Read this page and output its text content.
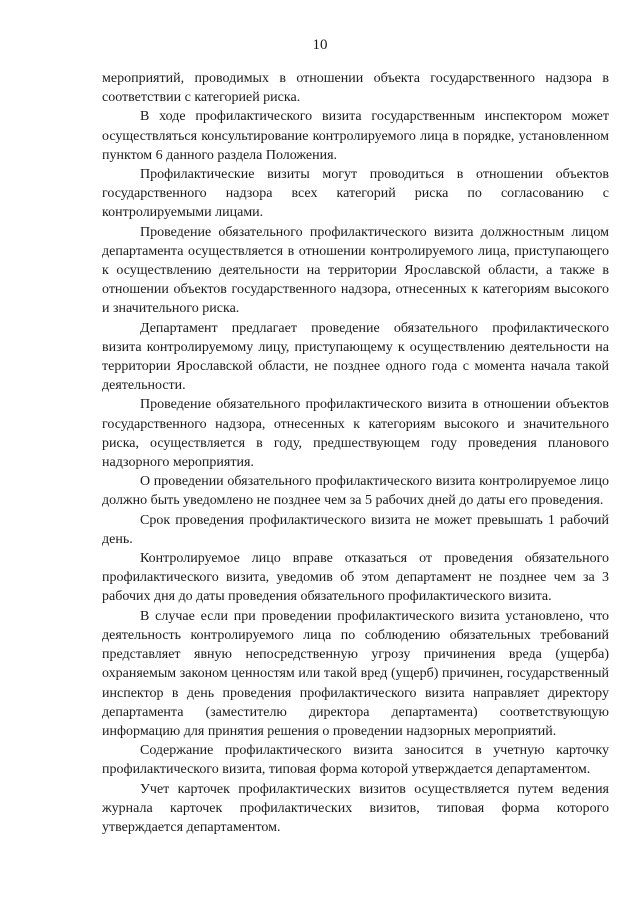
10

мероприятий, проводимых в отношении объекта государственного надзора в соответствии с категорией риска.

В ходе профилактического визита государственным инспектором может осуществляться консультирование контролируемого лица в порядке, установленном пунктом 6 данного раздела Положения.

Профилактические визиты могут проводиться в отношении объектов государственного надзора всех категорий риска по согласованию с контролируемыми лицами.

Проведение обязательного профилактического визита должностным лицом департамента осуществляется в отношении контролируемого лица, приступающего к осуществлению деятельности на территории Ярославской области, а также в отношении объектов государственного надзора, отнесенных к категориям высокого и значительного риска.

Департамент предлагает проведение обязательного профилактического визита контролируемому лицу, приступающему к осуществлению деятельности на территории Ярославской области, не позднее одного года с момента начала такой деятельности.

Проведение обязательного профилактического визита в отношении объектов государственного надзора, отнесенных к категориям высокого и значительного риска, осуществляется в году, предшествующем году проведения планового надзорного мероприятия.

О проведении обязательного профилактического визита контролируемое лицо должно быть уведомлено не позднее чем за 5 рабочих дней до даты его проведения.

Срок проведения профилактического визита не может превышать 1 рабочий день.

Контролируемое лицо вправе отказаться от проведения обязательного профилактического визита, уведомив об этом департамент не позднее чем за 3 рабочих дня до даты проведения обязательного профилактического визита.

В случае если при проведении профилактического визита установлено, что деятельность контролируемого лица по соблюдению обязательных требований представляет явную непосредственную угрозу причинения вреда (ущерба) охраняемым законом ценностям или такой вред (ущерб) причинен, государственный инспектор в день проведения профилактического визита направляет директору департамента (заместителю директора департамента) соответствующую информацию для принятия решения о проведении надзорных мероприятий.

Содержание профилактического визита заносится в учетную карточку профилактического визита, типовая форма которой утверждается департаментом.

Учет карточек профилактических визитов осуществляется путем ведения журнала карточек профилактических визитов, типовая форма которого утверждается департаментом.
